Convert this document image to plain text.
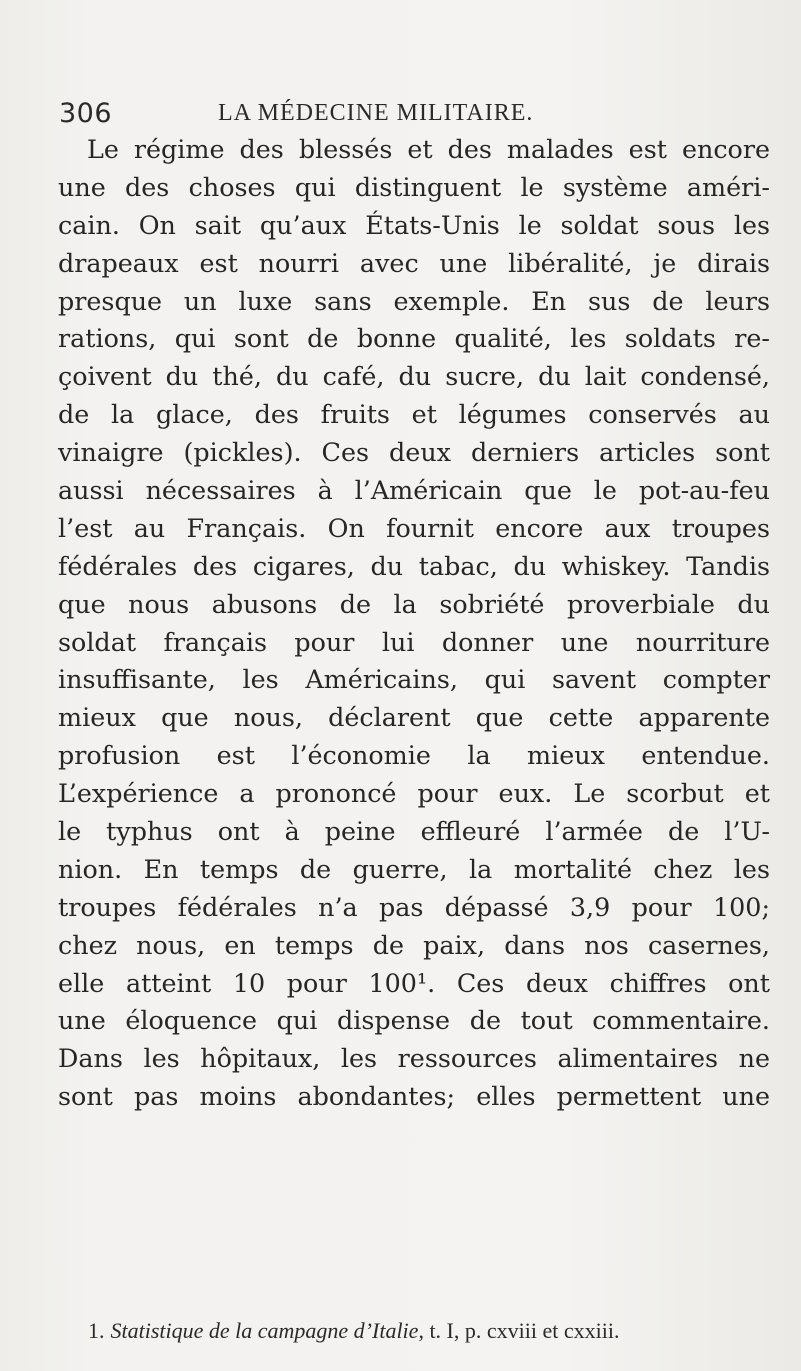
306	LA MÉDECINE MILITAIRE.
Le régime des blessés et des malades est encore
une des choses qui distinguent le système améri-
cain. On sait qu’aux États-Unis le soldat sous les
drapeaux est nourri avec une libéralité, je dirais
presque un luxe sans exemple. En sus de leurs
rations, qui sont de bonne qualité, les soldats re-
çoivent du thé, du café, du sucre, du lait condensé,
de la glace, des fruits et légumes conservés au
vinaigre (pickles). Ces deux derniers articles sont
aussi nécessaires à l’Américain que le pot-au-feu
l’est au Français. On fournit encore aux troupes
fédérales des cigares, du tabac, du whiskey. Tandis
que nous abusons de la sobriété proverbiale du
soldat français pour lui donner une nourriture
insuffisante, les Américains, qui savent compter
mieux que nous, déclarent que cette apparente
profusion est l’économie la mieux entendue.
L’expérience a prononcé pour eux. Le scorbut et
le typhus ont à peine effleuré l’armée de l’U-
nion. En temps de guerre, la mortalité chez les
troupes fédérales n’a pas dépassé 3,9 pour 100;
chez nous, en temps de paix, dans nos casernes,
elle atteint 10 pour 100¹. Ces deux chiffres ont
une éloquence qui dispense de tout commentaire.
Dans les hôpitaux, les ressources alimentaires ne
sont pas moins abondantes; elles permettent une
1. Statistique de la campagne d’Italie, t. I, p. cxviii et cxxiii.
